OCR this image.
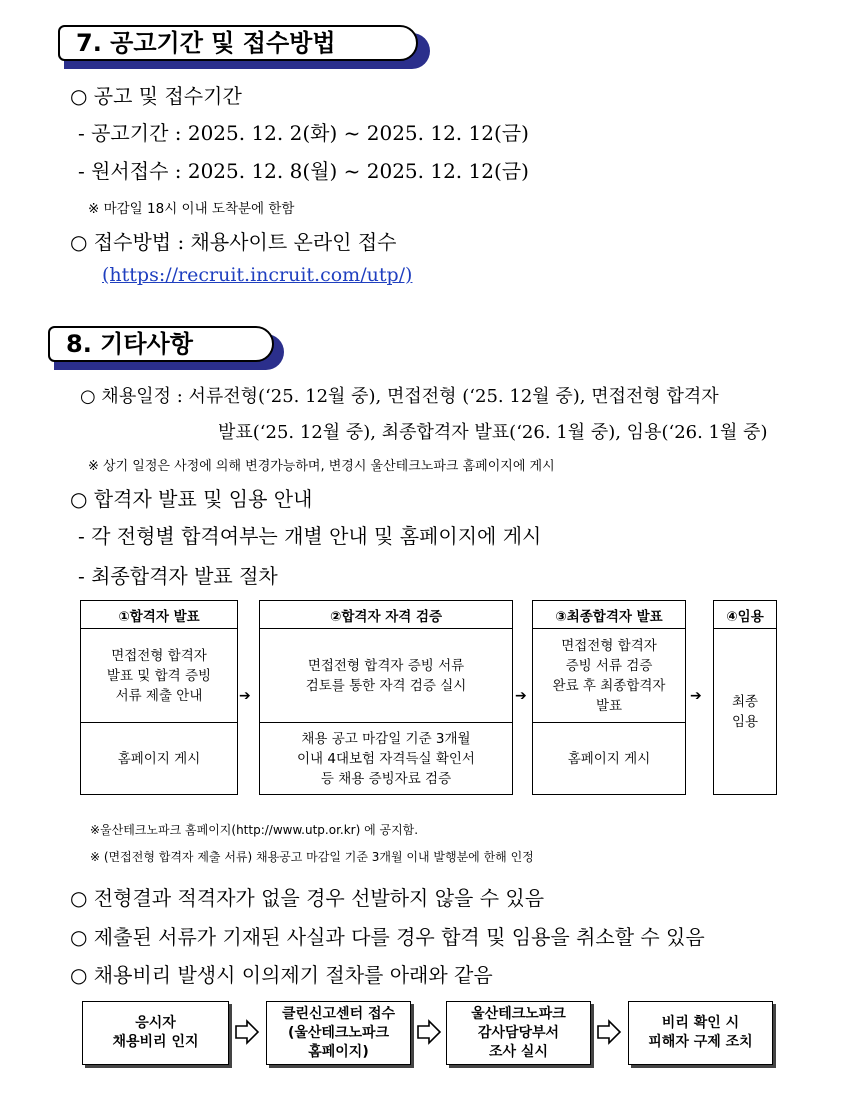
7. 공고기간 및 접수방법
○ 공고 및 접수기간
- 공고기간 : 2025. 12. 2(화) ~ 2025. 12. 12(금)
- 원서접수 : 2025. 12. 8(월) ~ 2025. 12. 12(금)
※ 마감일 18시 이내 도착분에 한함
○ 접수방법 : 채용사이트 온라인 접수
(https://recruit.incruit.com/utp/)
8. 기타사항
○ 채용일정 : 서류전형(‘25. 12월 중), 면접전형 (‘25. 12월 중), 면접전형 합격자
발표(‘25. 12월 중), 최종합격자 발표(‘26. 1월 중), 임용(‘26. 1월 중)
※ 상기 일정은 사정에 의해 변경가능하며, 변경시 울산테크노파크 홈페이지에 게시
○ 합격자 발표 및 임용 안내
- 각 전형별 합격여부는 개별 안내 및 홈페이지에 게시
- 최종합격자 발표 절차
①합격자 발표
면접전형 합격자
발표 및 합격 증빙
서류 제출 안내
홈페이지 게시
➔
②합격자 자격 검증
면접전형 합격자 증빙 서류
검토를 통한 자격 검증 실시
채용 공고 마감일 기준 3개월
이내 4대보험 자격득실 확인서
등 채용 증빙자료 검증
➔
③최종합격자 발표
면접전형 합격자
증빙 서류 검증
완료 후 최종합격자
발표
홈페이지 게시
➔
④임용
최종
임용
※울산테크노파크 홈페이지(http://www.utp.or.kr) 에 공지함.
※ (면접전형 합격자 제출 서류) 채용공고 마감일 기준 3개월 이내 발행분에 한해 인정
○ 전형결과 적격자가 없을 경우 선발하지 않을 수 있음
○ 제출된 서류가 기재된 사실과 다를 경우 합격 및 임용을 취소할 수 있음
○ 채용비리 발생시 이의제기 절차를 아래와 같음
응시자
채용비리 인지
클린신고센터 접수
(울산테크노파크
홈페이지)
울산테크노파크
감사담당부서
조사 실시
비리 확인 시
피해자 구제 조치
